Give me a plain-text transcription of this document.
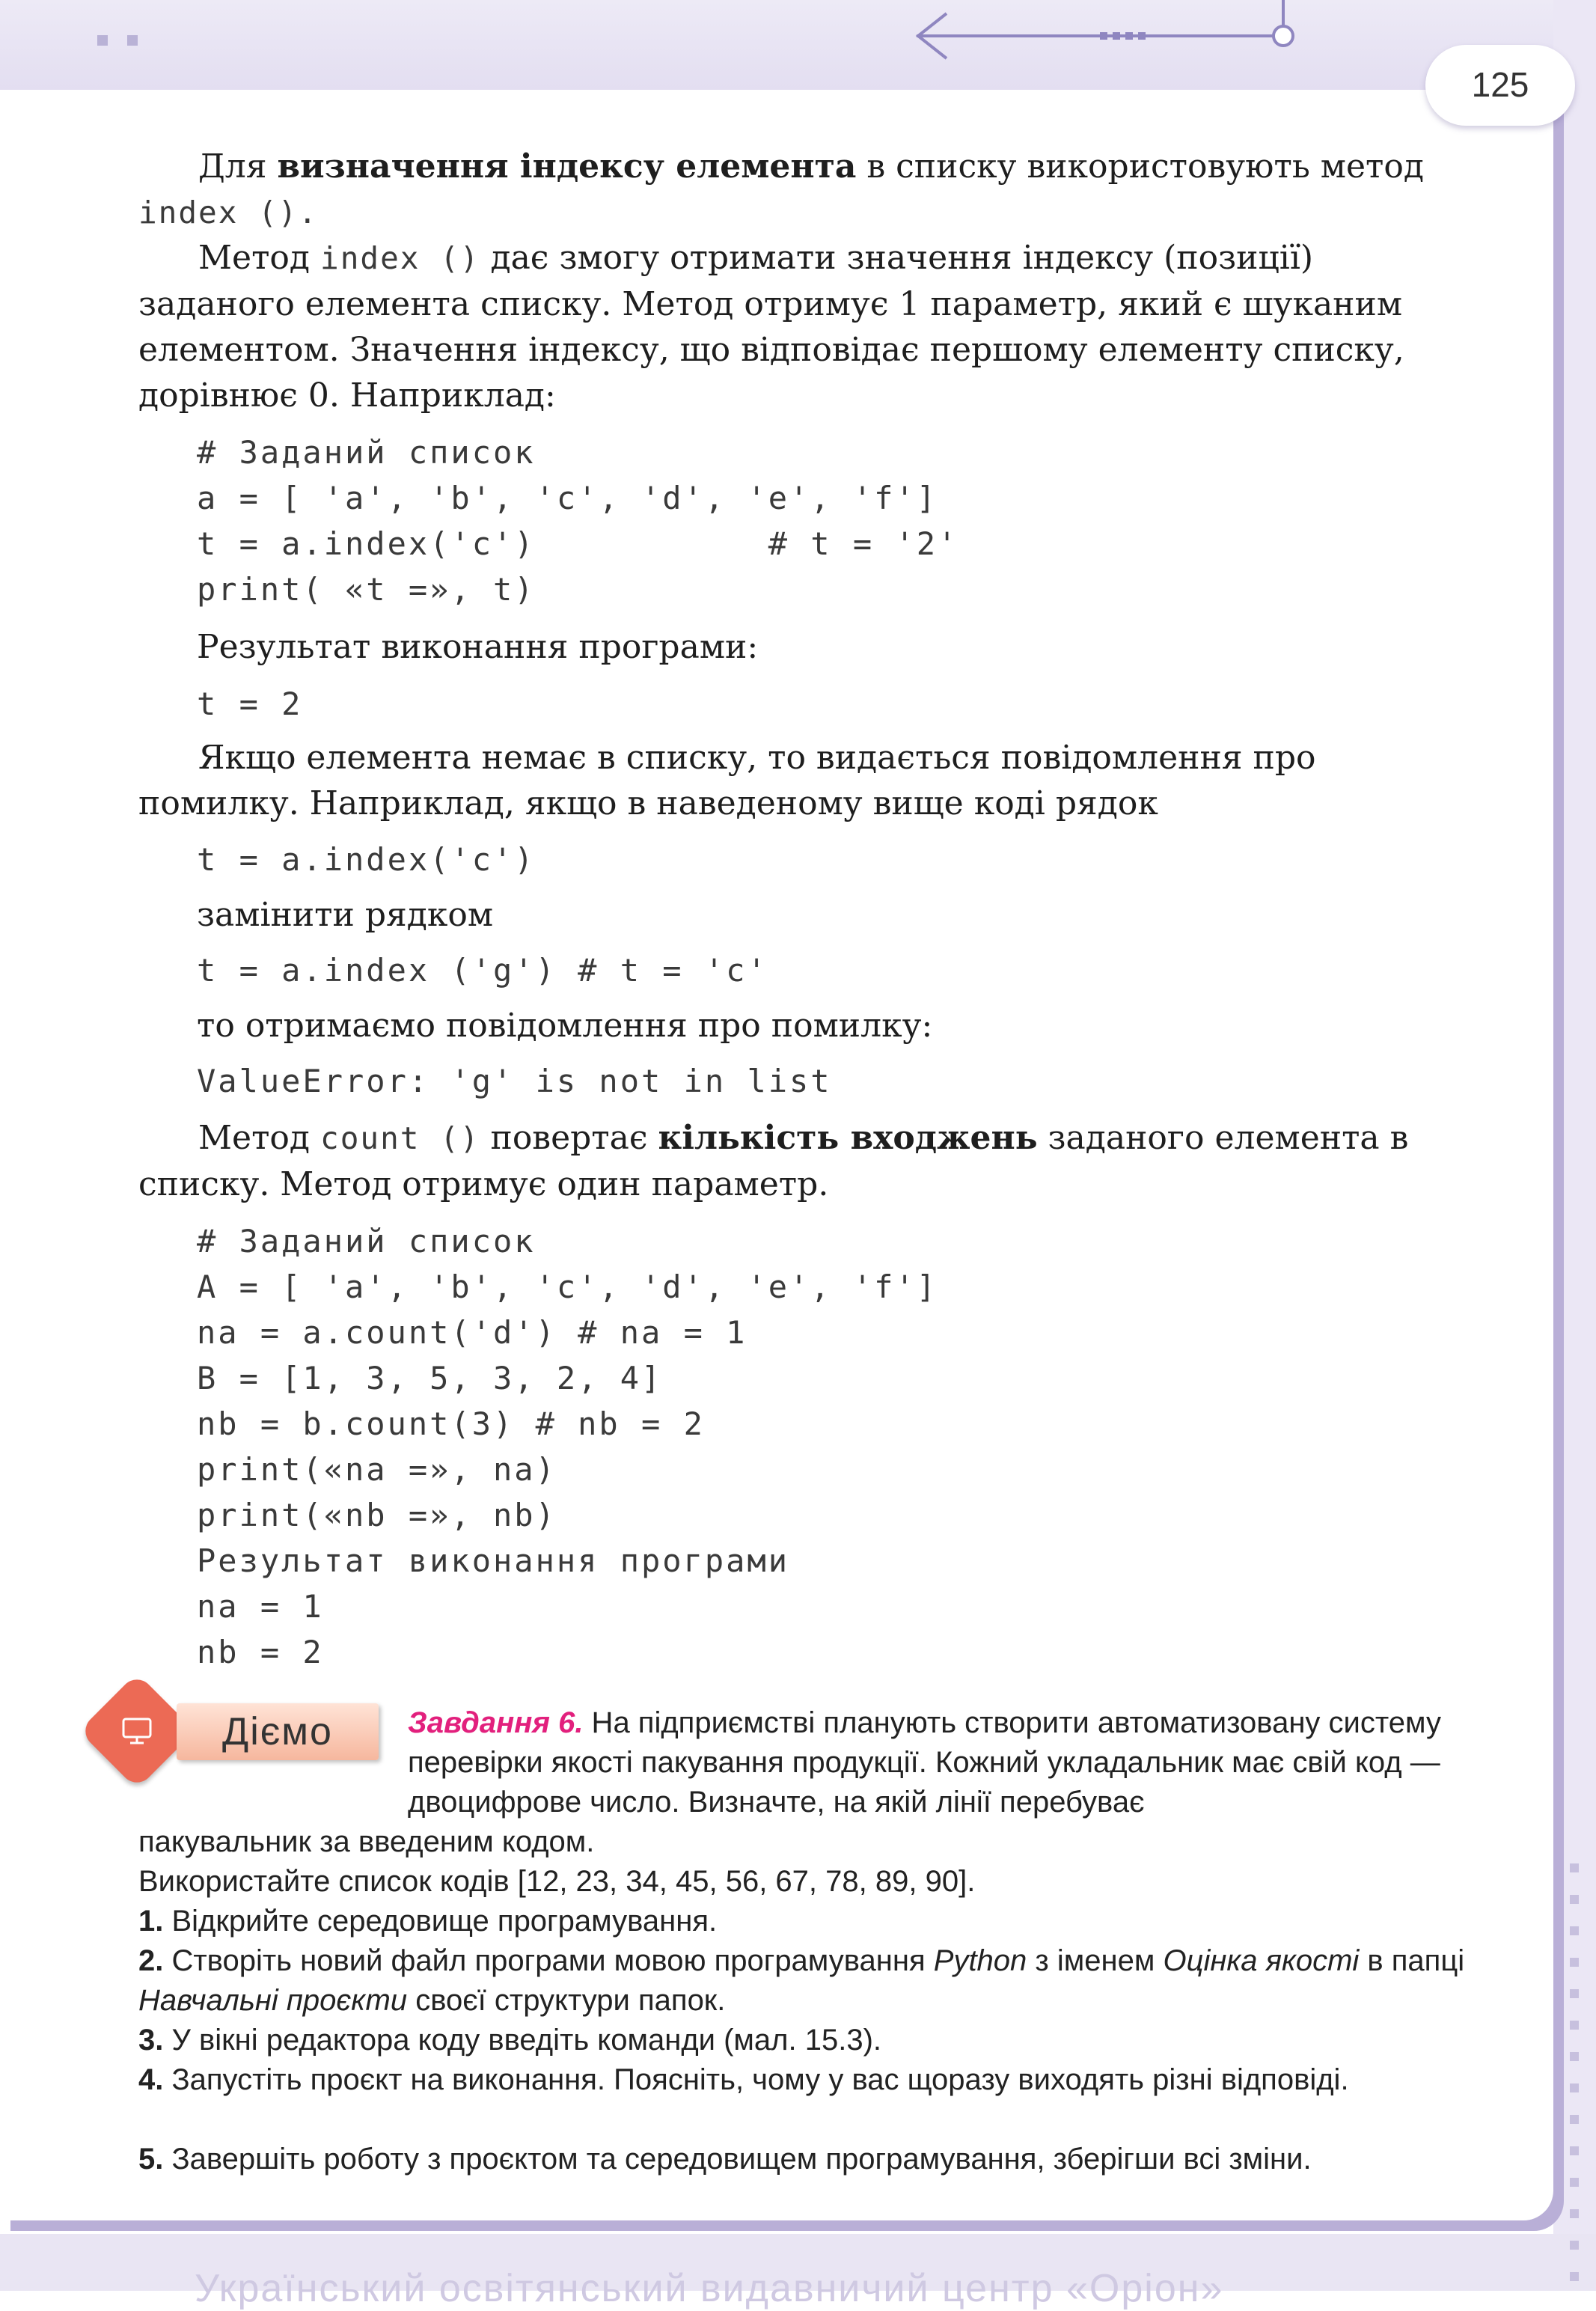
Український освітянський видавничий центр «Оріон»
125

Для визначення індексу елемента в списку використовують метод index ().

Метод index () дає змогу отримати значення індексу (позиції) заданого елемента списку. Метод отримує 1 параметр, який є шуканим елементом. Значення індексу, що відповідає першому елементу списку, дорівнює 0. Наприклад:

# Заданий список
a = [ 'a', 'b', 'c', 'd', 'e', 'f']
t = a.index('c')           # t = '2'
print( «t =», t)

Результат виконання програми:

t = 2

Якщо елемента немає в списку, то видається повідомлення про помилку. Наприклад, якщо в наведеному вище коді рядок

t = a.index('c')

замінити рядком

t = a.index ('g') # t = 'c'

то отримаємо повідомлення про помилку:

ValueError: 'g' is not in list

Метод count () повертає кількість входжень заданого елемента в списку. Метод отримує один параметр.

# Заданий список
A = [ 'a', 'b', 'c', 'd', 'e', 'f']
na = a.count('d') # na = 1
B = [1, 3, 5, 3, 2, 4]
nb = b.count(3) # nb = 2
print(«na =», na)
print(«nb =», nb)
Результат виконання програми
na = 1
nb = 2
Діємо	Завдання 6. На підприємстві планують створити автоматизовану систему перевірки якості пакування продукції. Кожний укладальник має свій код — двоцифрове число. Визначте, на якій лінії перебуває

пакувальник за введеним кодом.

Використайте список кодів [12, 23, 34, 45, 56, 67, 78, 89, 90].

1. Відкрийте середовище програмування.

2. Створіть новий файл програми мовою програмування Python з іменем Оцінка якості в папці Навчальні проєкти своєї структури папок.

3. У вікні редактора коду введіть команди (мал. 15.3).

4. Запустіть проєкт на виконання. Поясніть, чому у вас щоразу виходять різні відповіді.

5. Завершіть роботу з проєктом та середовищем програмування, зберігши всі зміни.
